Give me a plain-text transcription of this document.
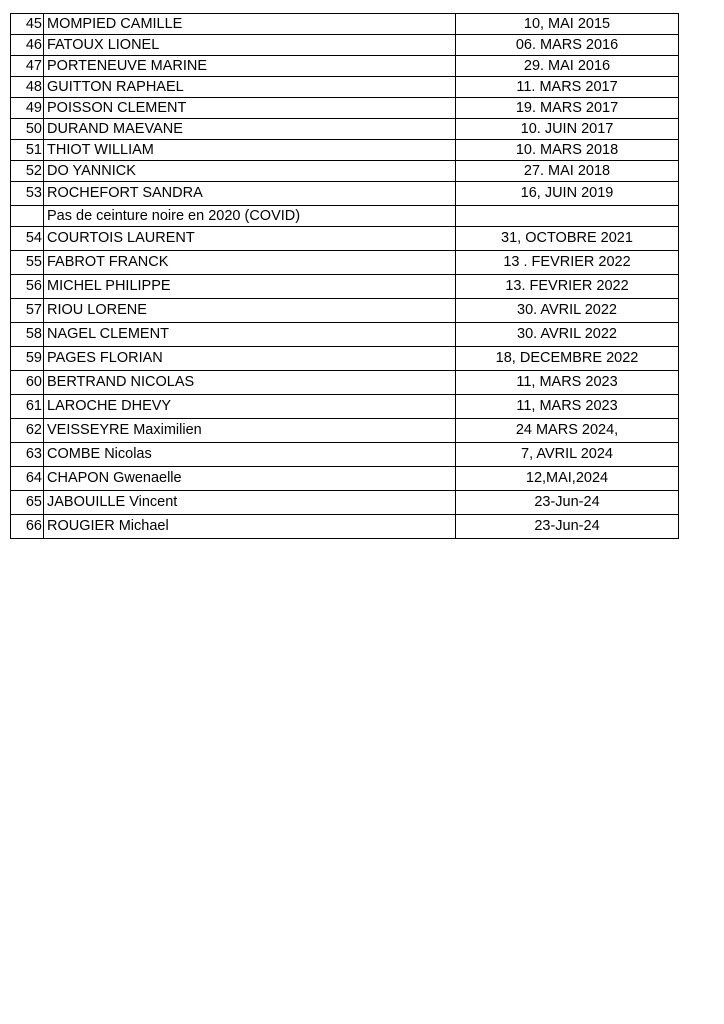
45	MOMPIED CAMILLE	10, MAI 2015
46	FATOUX LIONEL	06. MARS 2016
47	PORTENEUVE MARINE	29. MAI 2016
48	GUITTON RAPHAEL	11. MARS 2017
49	POISSON CLEMENT	19. MARS 2017
50	DURAND MAEVANE	10. JUIN 2017
51	THIOT WILLIAM	10. MARS 2018
52	DO YANNICK	27. MAI 2018
53	ROCHEFORT SANDRA	16, JUIN 2019
	Pas de ceinture noire en 2020 (COVID)	
54	COURTOIS LAURENT	31, OCTOBRE 2021
55	FABROT FRANCK	13 . FEVRIER 2022
56	MICHEL PHILIPPE	13. FEVRIER 2022
57	RIOU LORENE	30. AVRIL 2022
58	NAGEL CLEMENT	30. AVRIL 2022
59	PAGES FLORIAN	18, DECEMBRE 2022
60	BERTRAND NICOLAS	11, MARS 2023
61	LAROCHE DHEVY	11, MARS 2023
62	VEISSEYRE Maximilien	24 MARS 2024,
63	COMBE Nicolas	7, AVRIL 2024
64	CHAPON Gwenaelle	12,MAI,2024
65	JABOUILLE Vincent	23-Jun-24
66	ROUGIER Michael	23-Jun-24
